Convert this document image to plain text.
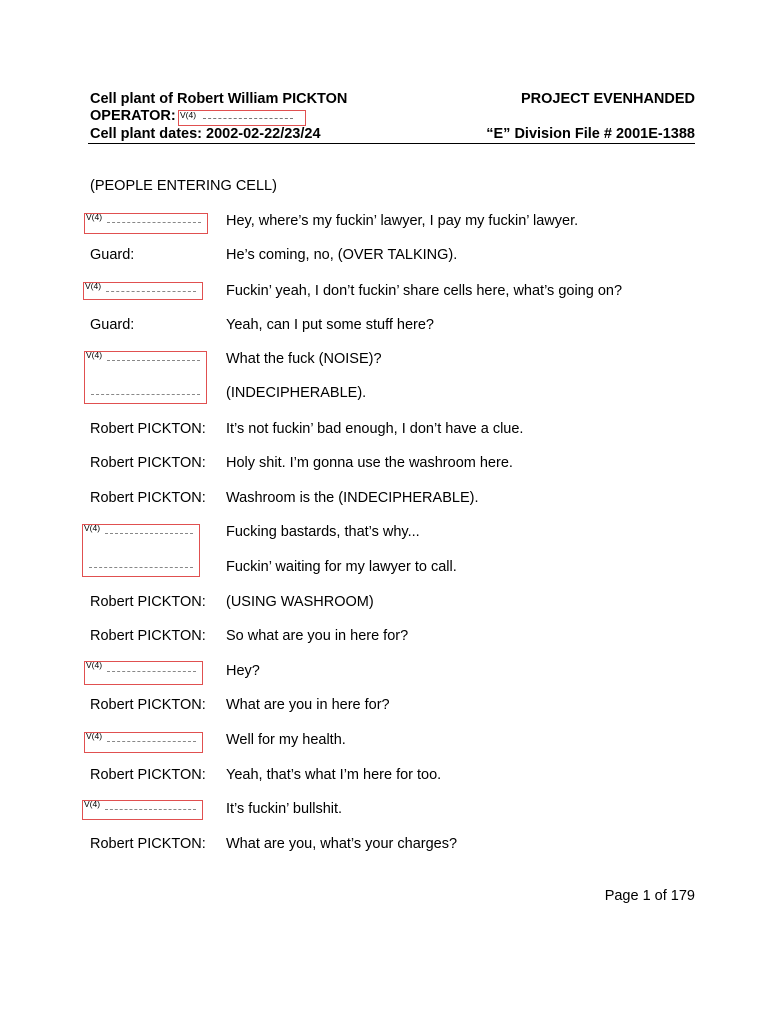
Cell plant of Robert William PICKTON
OPERATOR: V(4)
Cell plant dates: 2002-02-22/23/24
PROJECT EVENHANDED
“E” Division File # 2001E-1388
(PEOPLE ENTERING CELL)
V(4)
V(4)
V(4)
V(4)
V(4)
V(4)
V(4)
Hey, where’s my fuckin’ lawyer, I pay my fuckin’ lawyer.
Guard:	He’s coming, no, (OVER TALKING).
Fuckin’ yeah, I don’t fuckin’ share cells here, what’s going on?
Guard:	Yeah, can I put some stuff here?
What the fuck (NOISE)?
(INDECIPHERABLE).
Robert PICKTON: It’s not fuckin’ bad enough, I don’t have a clue.
Robert PICKTON: Holy shit. I’m gonna use the washroom here.
Robert PICKTON: Washroom is the (INDECIPHERABLE).
Fucking bastards, that’s why...
Fuckin’ waiting for my lawyer to call.
Robert PICKTON: (USING WASHROOM)
Robert PICKTON: So what are you in here for?
Hey?
Robert PICKTON: What are you in here for?
Well for my health.
Robert PICKTON: Yeah, that’s what I’m here for too.
It’s fuckin’ bullshit.
Robert PICKTON: What are you, what’s your charges?
Page 1 of 179
